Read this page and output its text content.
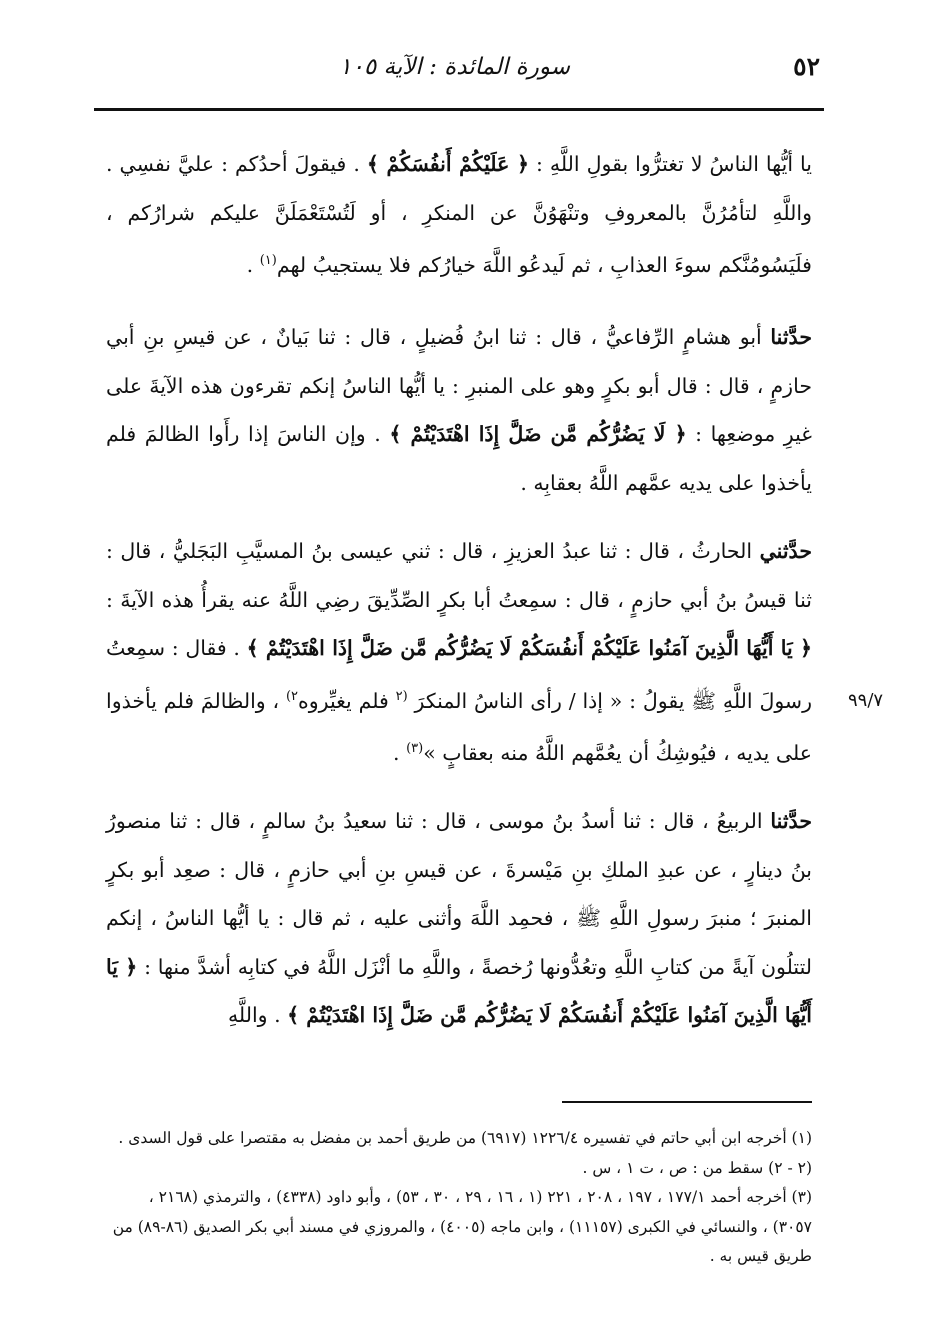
٥٢
سورة المائدة : الآية ١٠٥
٩٩/٧

يا أيُّها الناسُ لا تغترُّوا بقولِ اللَّهِ : ﴿ عَلَيْكُمْ أَنفُسَكُمْ ﴾ . فيقولَ أحدُكم : عليَّ نفسِي . واللَّهِ لتأمُرُنَّ بالمعروفِ وتنْهَوُنَّ عن المنكرِ ، أو لَتُسْتَعْمَلَنَّ عليكم شرارُكم ، فلَيَسُومُنَّكم سوءَ العذابِ ، ثم لَيدعُو اللَّهَ خيارُكم فلا يستجيبُ لهم$^{(١)}$ .

حدَّثنا أبو هشامٍ الرِّفاعيُّ ، قال : ثنا ابنُ فُضيلٍ ، قال : ثنا بَيانٌ ، عن قيسِ بنِ أبي حازمٍ ، قال : قال أبو بكرٍ وهو على المنبرِ : يا أيُّها الناسُ إنكم تقرءون هذه الآيةَ على غيرِ موضعِها : ﴿ لَا يَضُرُّكُم مَّن ضَلَّ إِذَا اهْتَدَيْتُمْ ﴾ . وإن الناسَ إذا رأَوا الظالمَ فلم يأخذوا على يديه عمَّهم اللَّهُ بعقابِه .

حدَّثني الحارثُ ، قال : ثنا عبدُ العزيزِ ، قال : ثني عيسى بنُ المسيَّبِ البَجَليُّ ، قال : ثنا قيسُ بنُ أبي حازمٍ ، قال : سمِعتُ أبا بكرٍ الصِّدِّيقَ رضِي اللَّهُ عنه يقرأُ هذه الآيةَ : ﴿ يَا أَيُّهَا الَّذِينَ آمَنُوا عَلَيْكُمْ أَنفُسَكُمْ لَا يَضُرُّكُم مَّن ضَلَّ إِذَا اهْتَدَيْتُمْ ﴾ . فقال : سمِعتُ رسولَ اللَّهِ ﷺ يقولُ : « إذا / رأى الناسُ المنكرَ $^{(٢}$ فلم يغيِّروه$^{٢)}$ ، والظالمَ فلم يأخذوا على يديه ، فيُوشِكُ أن يعُمَّهم اللَّهُ منه بعقابٍ »$^{(٣)}$ .

حدَّثنا الربيعُ ، قال : ثنا أسدُ بنُ موسى ، قال : ثنا سعيدُ بنُ سالمٍ ، قال : ثنا منصورُ بنُ دينارٍ ، عن عبدِ الملكِ بنِ مَيْسرةَ ، عن قيسِ بنِ أبي حازمٍ ، قال : صعِد أبو بكرٍ المنبرَ ؛ منبرَ رسولِ اللَّهِ ﷺ ، فحمِد اللَّهَ وأثنى عليه ، ثم قال : يا أيُّها الناسُ ، إنكم لتتلُون آيةً من كتابِ اللَّهِ وتعُدُّونها رُخصةً ، واللَّهِ ما أنْزَل اللَّهُ في كتابِه أشدَّ منها : ﴿ يَا أَيُّهَا الَّذِينَ آمَنُوا عَلَيْكُمْ أَنفُسَكُمْ لَا يَضُرُّكُم مَّن ضَلَّ إِذَا اهْتَدَيْتُمْ ﴾ . واللَّهِ

(١) أخرجه ابن أبي حاتم في تفسيره ١٢٢٦/٤ (٦٩١٧) من طريق أحمد بن مفضل به مقتصرا على قول السدى .

(٢ - ٢) سقط من : ص ، ت ١ ، س .

(٣) أخرجه أحمد ١٧٧/١ ، ١٩٧ ، ٢٠٨ ، ٢٢١ (١ ، ١٦ ، ٢٩ ، ٣٠ ، ٥٣) ، وأبو داود (٤٣٣٨) ، والترمذي (٢١٦٨ ، ٣٠٥٧) ، والنسائي في الكبرى (١١١٥٧) ، وابن ماجه (٤٠٠٥) ، والمروزي في مسند أبي بكر الصديق (٨٦-٨٩) من طريق قيس به .
